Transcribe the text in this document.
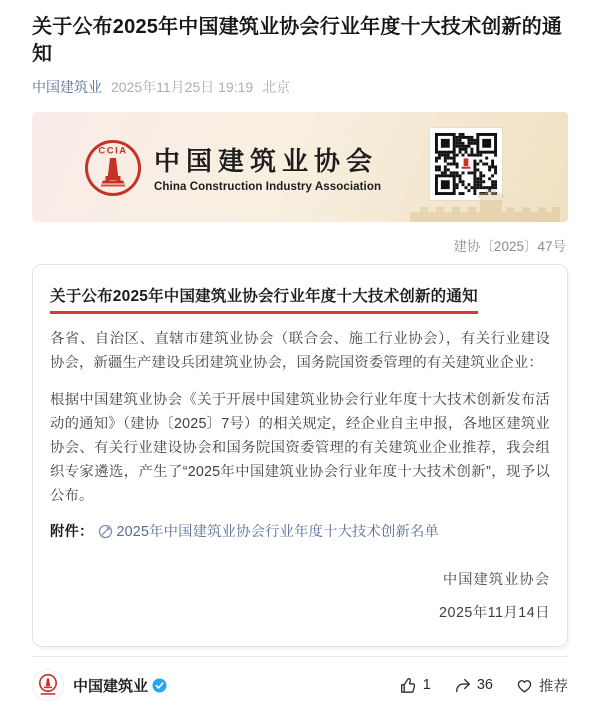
关于公布2025年中国建筑业协会行业年度十大技术创新的通知
中国建筑业 2025年11月25日 19:19 北京
CCIA 中国建筑业协会
China Construction Industry Association
建协〔2025〕47号
关于公布2025年中国建筑业协会行业年度十大技术创新的通知

各省、自治区、直辖市建筑业协会（联合会、施工行业协会），有关行业建设协会，新疆生产建设兵团建筑业协会，国务院国资委管理的有关建筑业企业：

根据中国建筑业协会《关于开展中国建筑业协会行业年度十大技术创新发布活动的通知》（建协〔2025〕7号）的相关规定，经企业自主申报，各地区建筑业协会、有关行业建设协会和国务院国资委管理的有关建筑业企业推荐，我会组织专家遴选，产生了“2025年中国建筑业协会行业年度十大技术创新”，现予以公布。

附件： 2025年中国建筑业协会行业年度十大技术创新名单
中国建筑业协会
2025年11月14日
中国建筑业	1	36	推荐
